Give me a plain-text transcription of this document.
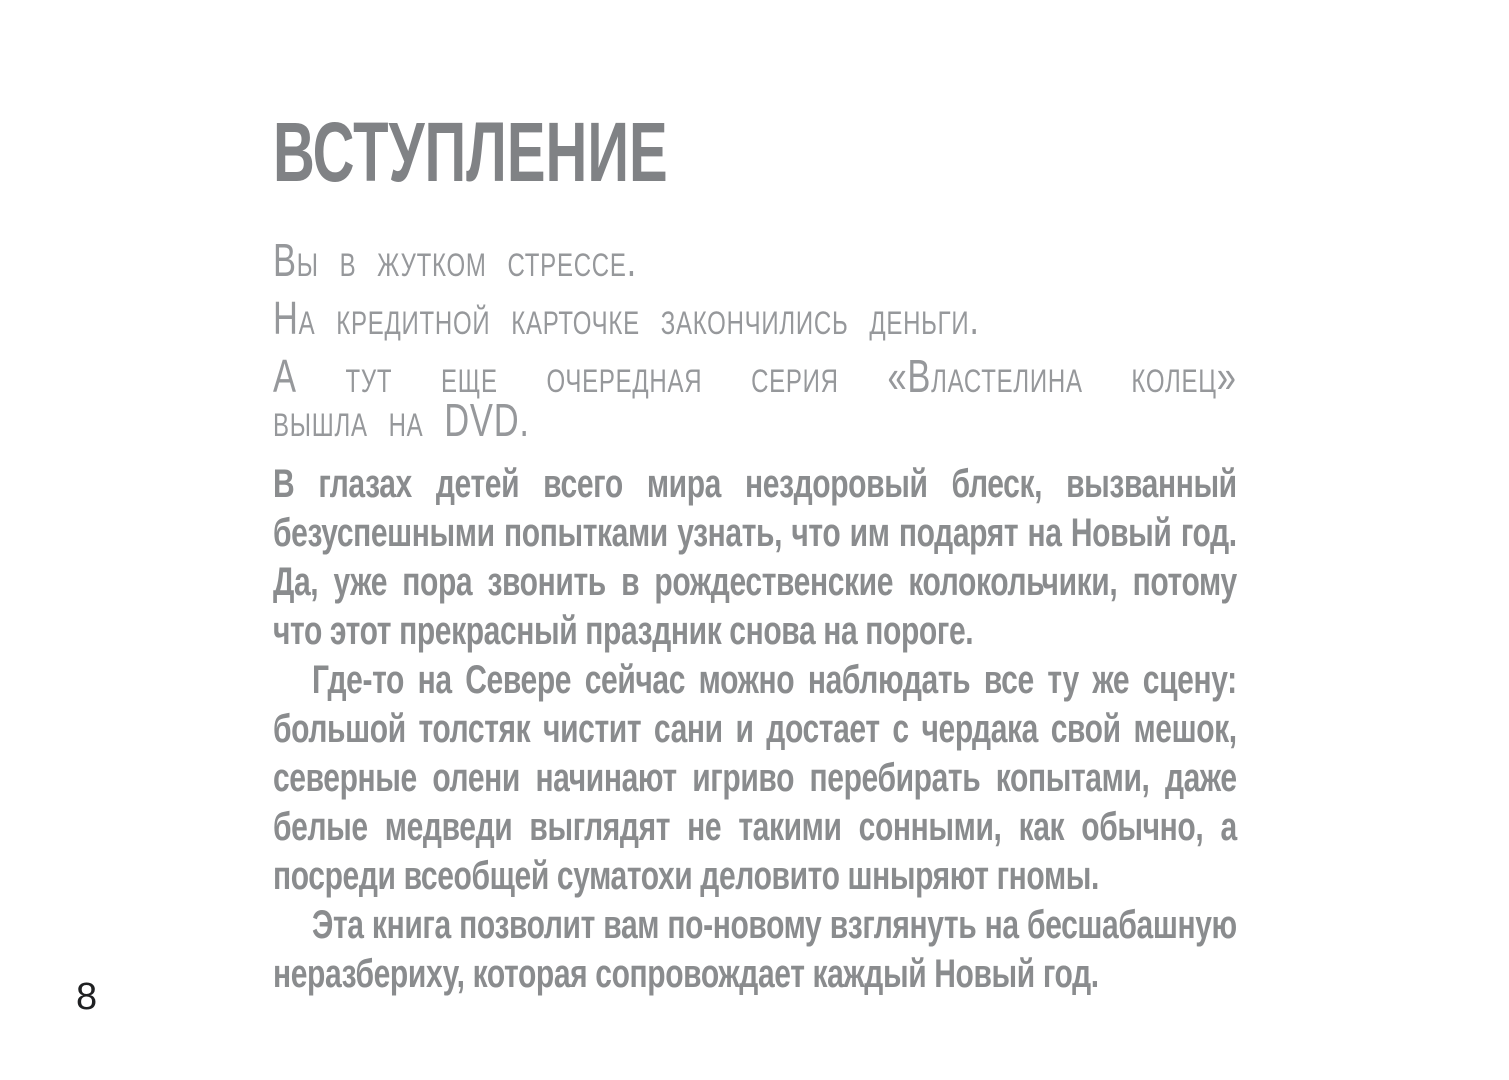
ВСТУПЛЕНИЕ

Вы в жутком стрессе.

На кредитной карточке закончились деньги.

А тут еще очередная серия «Властелина колец»

вышла на DVD.

В глазах детей всего мира нездоровый блеск, вызванный безуспешными попытками узнать, что им подарят на Новый год. Да, уже пора звонить в рождественские колокольчики, потому что этот прекрасный праздник снова на пороге.

Где-то на Севере сейчас можно наблюдать все ту же сцену: большой толстяк чистит сани и достает с чердака свой мешок, северные олени начинают игриво перебирать копытами, даже белые медведи выглядят не такими сонными, как обычно, а посреди всеобщей суматохи деловито шныряют гномы.

Эта книга позволит вам по-новому взглянуть на бесшабашную неразбериху, которая сопровождает каждый Новый год.

8
